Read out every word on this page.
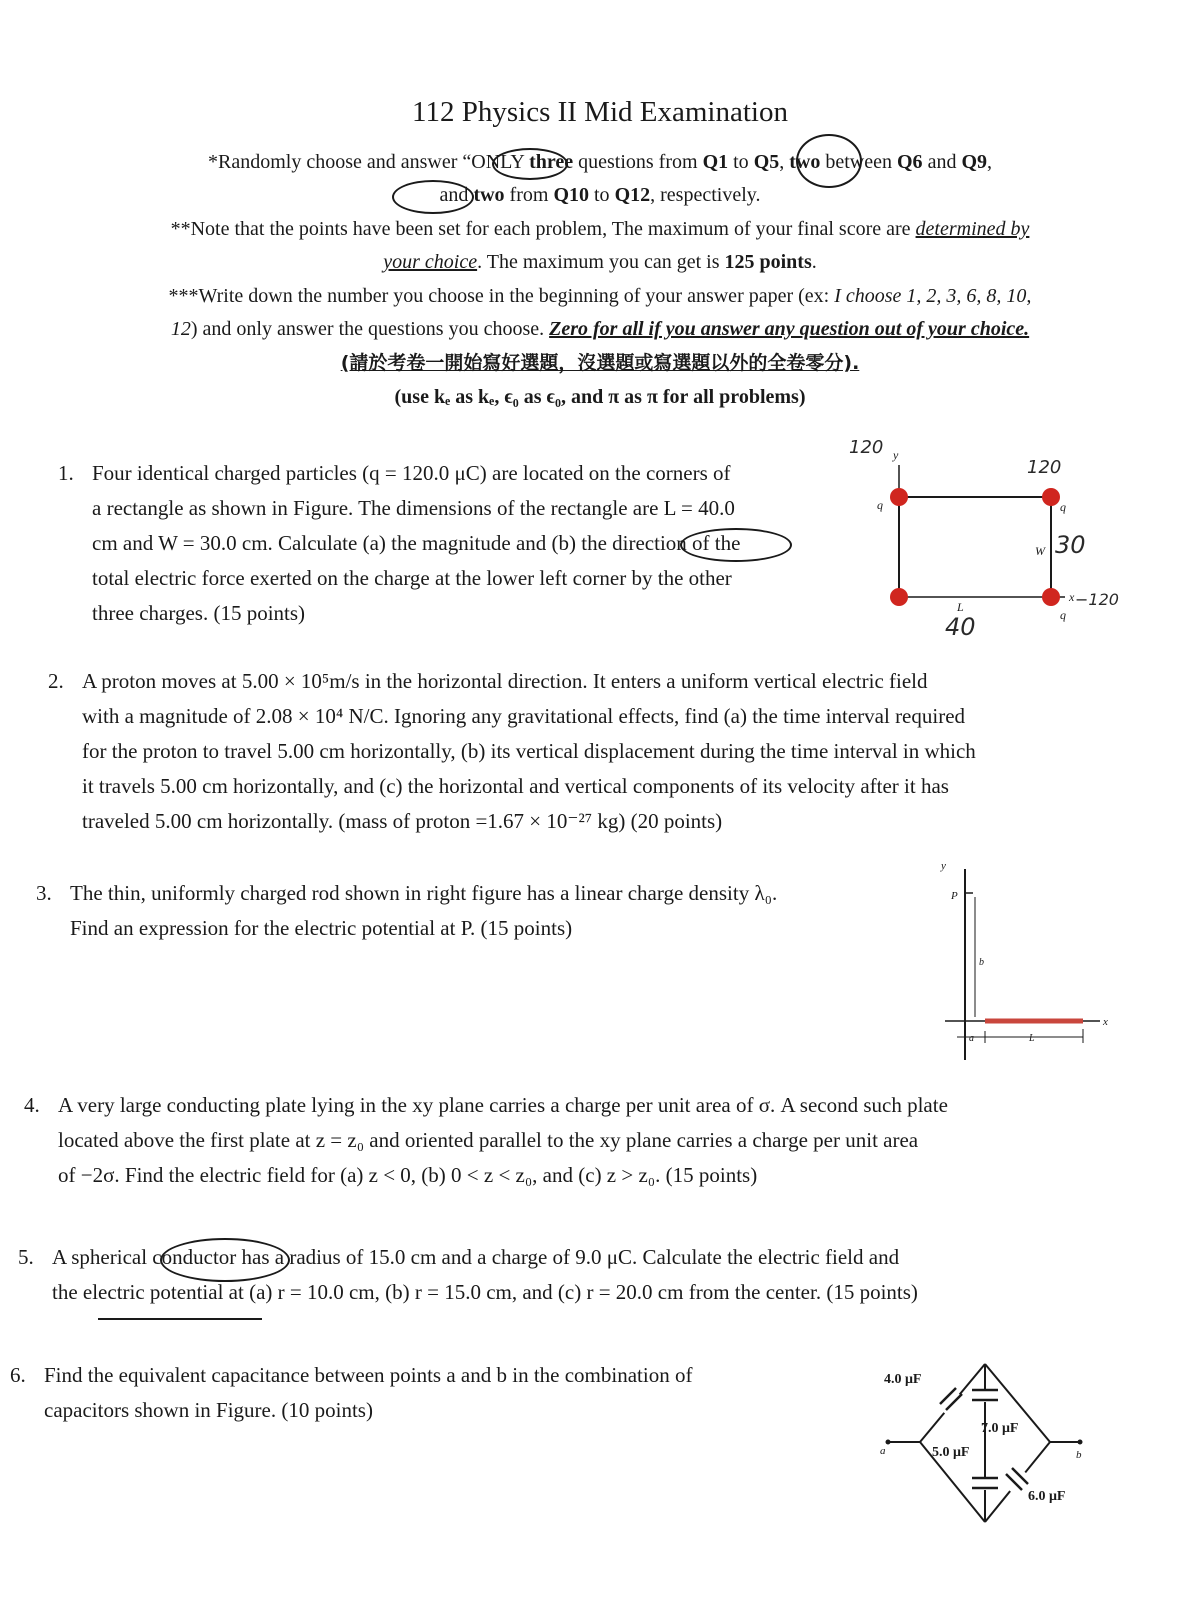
112 Physics II Mid Examination
*Randomly choose and answer “ONLY three questions from Q1 to Q5, two between Q6 and Q9,
and two from Q10 to Q12, respectively.
**Note that the points have been set for each problem, The maximum of your final score are determined by
your choice. The maximum you can get is 125 points.
***Write down the number you choose in the beginning of your answer paper (ex: I choose 1, 2, 3, 6, 8, 10,
12) and only answer the questions you choose. Zero for all if you answer any question out of your choice.
(請於考卷一開始寫好選題，沒選題或寫選題以外的全卷零分).
(use kₑ as kₑ, ϵ₀ as ϵ₀, and π as π for all problems)
1. Four identical charged particles (q = 120.0 μC) are located on the corners of
a rectangle as shown in Figure. The dimensions of the rectangle are L = 40.0
cm and W = 30.0 cm. Calculate (a) the magnitude and (b) the direction of the
total electric force exerted on the charge at the lower left corner by the other
three charges. (15 points)
y
x
q	q
q
W
L
120
120
30
40
−120
2. A proton moves at 5.00 × 10⁵m/s in the horizontal direction. It enters a uniform vertical electric field
with a magnitude of 2.08 × 10⁴ N/C. Ignoring any gravitational effects, find (a) the time interval required
for the proton to travel 5.00 cm horizontally, (b) its vertical displacement during the time interval in which
it travels 5.00 cm horizontally, and (c) the horizontal and vertical components of its velocity after it has
traveled 5.00 cm horizontally. (mass of proton =1.67 × 10⁻²⁷ kg) (20 points)
3. The thin, uniformly charged rod shown in right figure has a linear charge density λ₀.
Find an expression for the electric potential at P. (15 points)
y
x
P
b
a	L
4. A very large conducting plate lying in the xy plane carries a charge per unit area of σ. A second such plate
located above the first plate at z = z₀ and oriented parallel to the xy plane carries a charge per unit area
of −2σ. Find the electric field for (a) z < 0, (b) 0 < z < z₀, and (c) z > z₀. (15 points)
5. A spherical conductor has a radius of 15.0 cm and a charge of 9.0 μC. Calculate the electric field and
the electric potential at (a) r = 10.0 cm, (b) r = 15.0 cm, and (c) r = 20.0 cm from the center. (15 points)
6. Find the equivalent capacitance between points a and b in the combination of
capacitors shown in Figure. (10 points)
4.0 μF
7.0 μF
5.0 μF
6.0 μF
a	b
